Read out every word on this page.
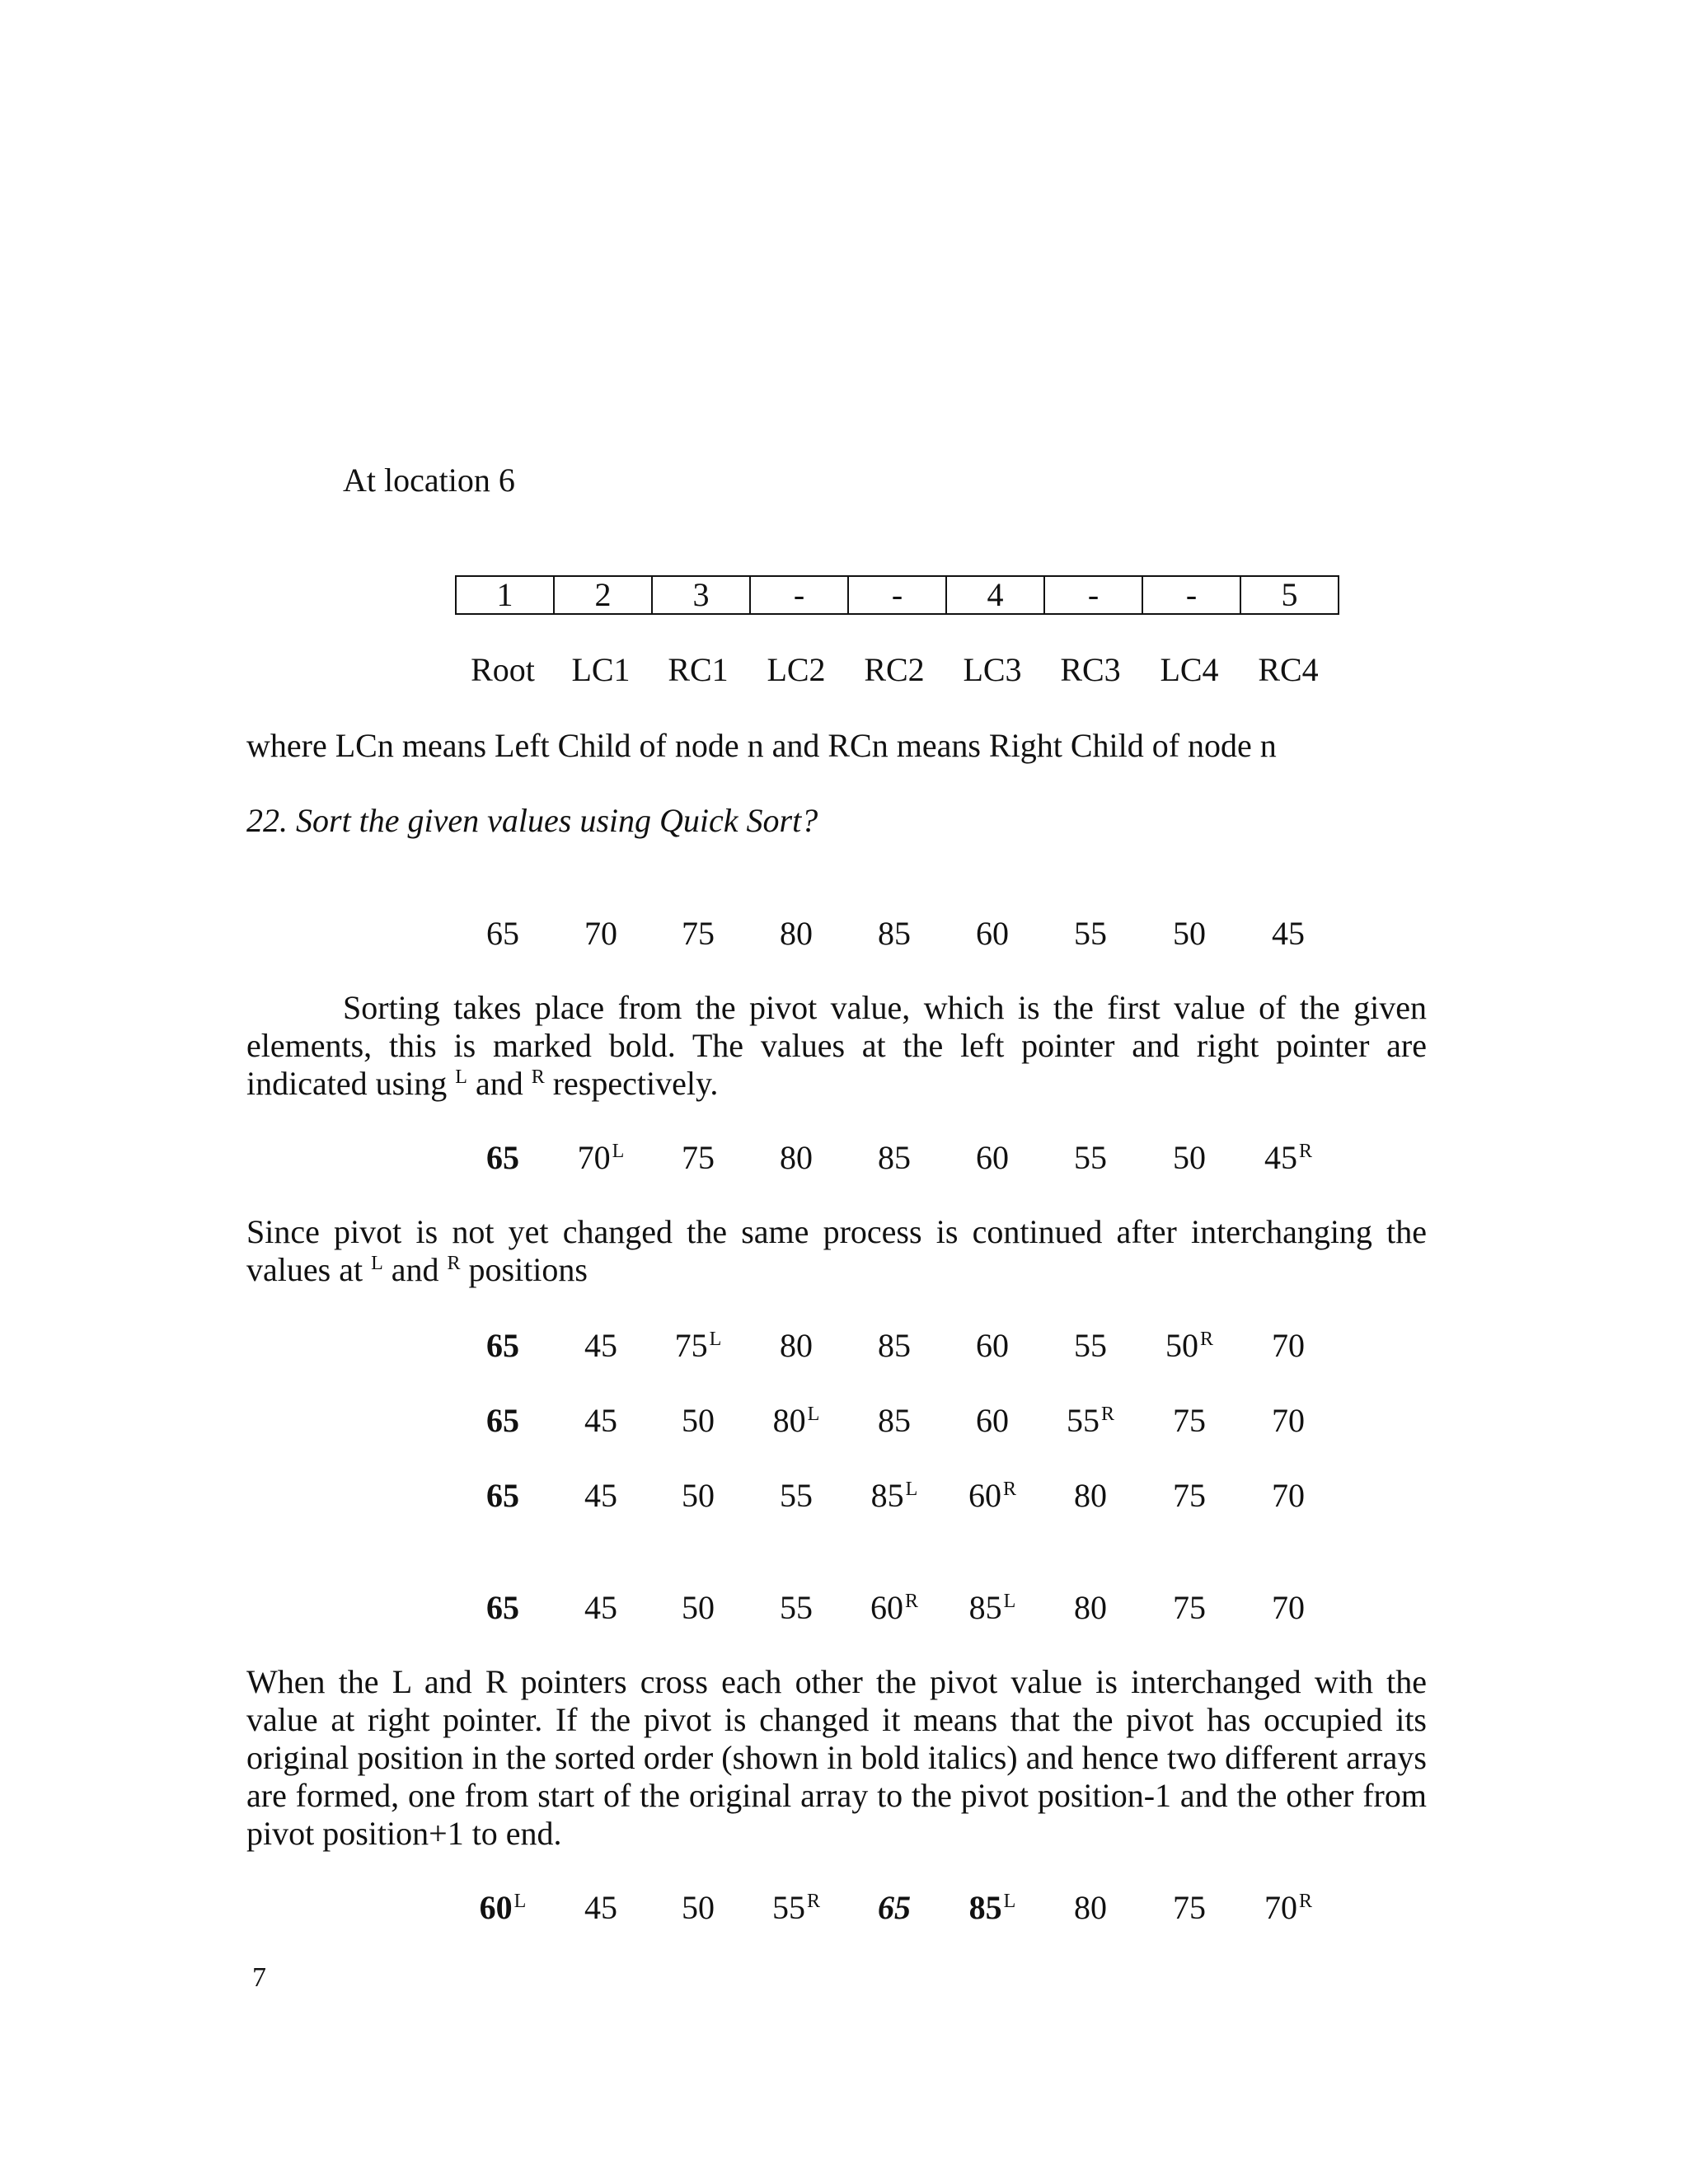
At location 6
1	2	3	-	-	4	-	-	5
Root	LC1	RC1	LC2	RC2	LC3	RC3	LC4	RC4
where LCn means Left Child of node n and RCn means Right Child of node n
22. Sort the given values using Quick Sort?
65	70	75	80	85	60	55	50	45
Sorting takes place from the pivot value, which is the first value of the given elements, this is marked bold. The values at the left pointer and right pointer are indicated using $^L$ and $^R$ respectively.
65	$70^L$	75	80	85	60	55	50	$45^R$
Since pivot is not yet changed the same process is continued after interchanging the values at $^L$ and $^R$ positions
65	45	$75^L$	80	85	60	55	$50^R$	70
65	45	50	$80^L$	85	60	$55^R$	75	70
65	45	50	55	$85^L$	$60^R$	80	75	70
65	45	50	55	$60^R$	$85^L$	80	75	70
When the L and R pointers cross each other the pivot value is interchanged with the value at right pointer. If the pivot is changed it means that the pivot has occupied its original position in the sorted order (shown in bold italics) and hence two different arrays are formed, one from start of the original array to the pivot position-1 and the other from pivot position+1 to end.
$60^L$	45	50	$55^R$	65	$85^L$	80	75	$70^R$
7
